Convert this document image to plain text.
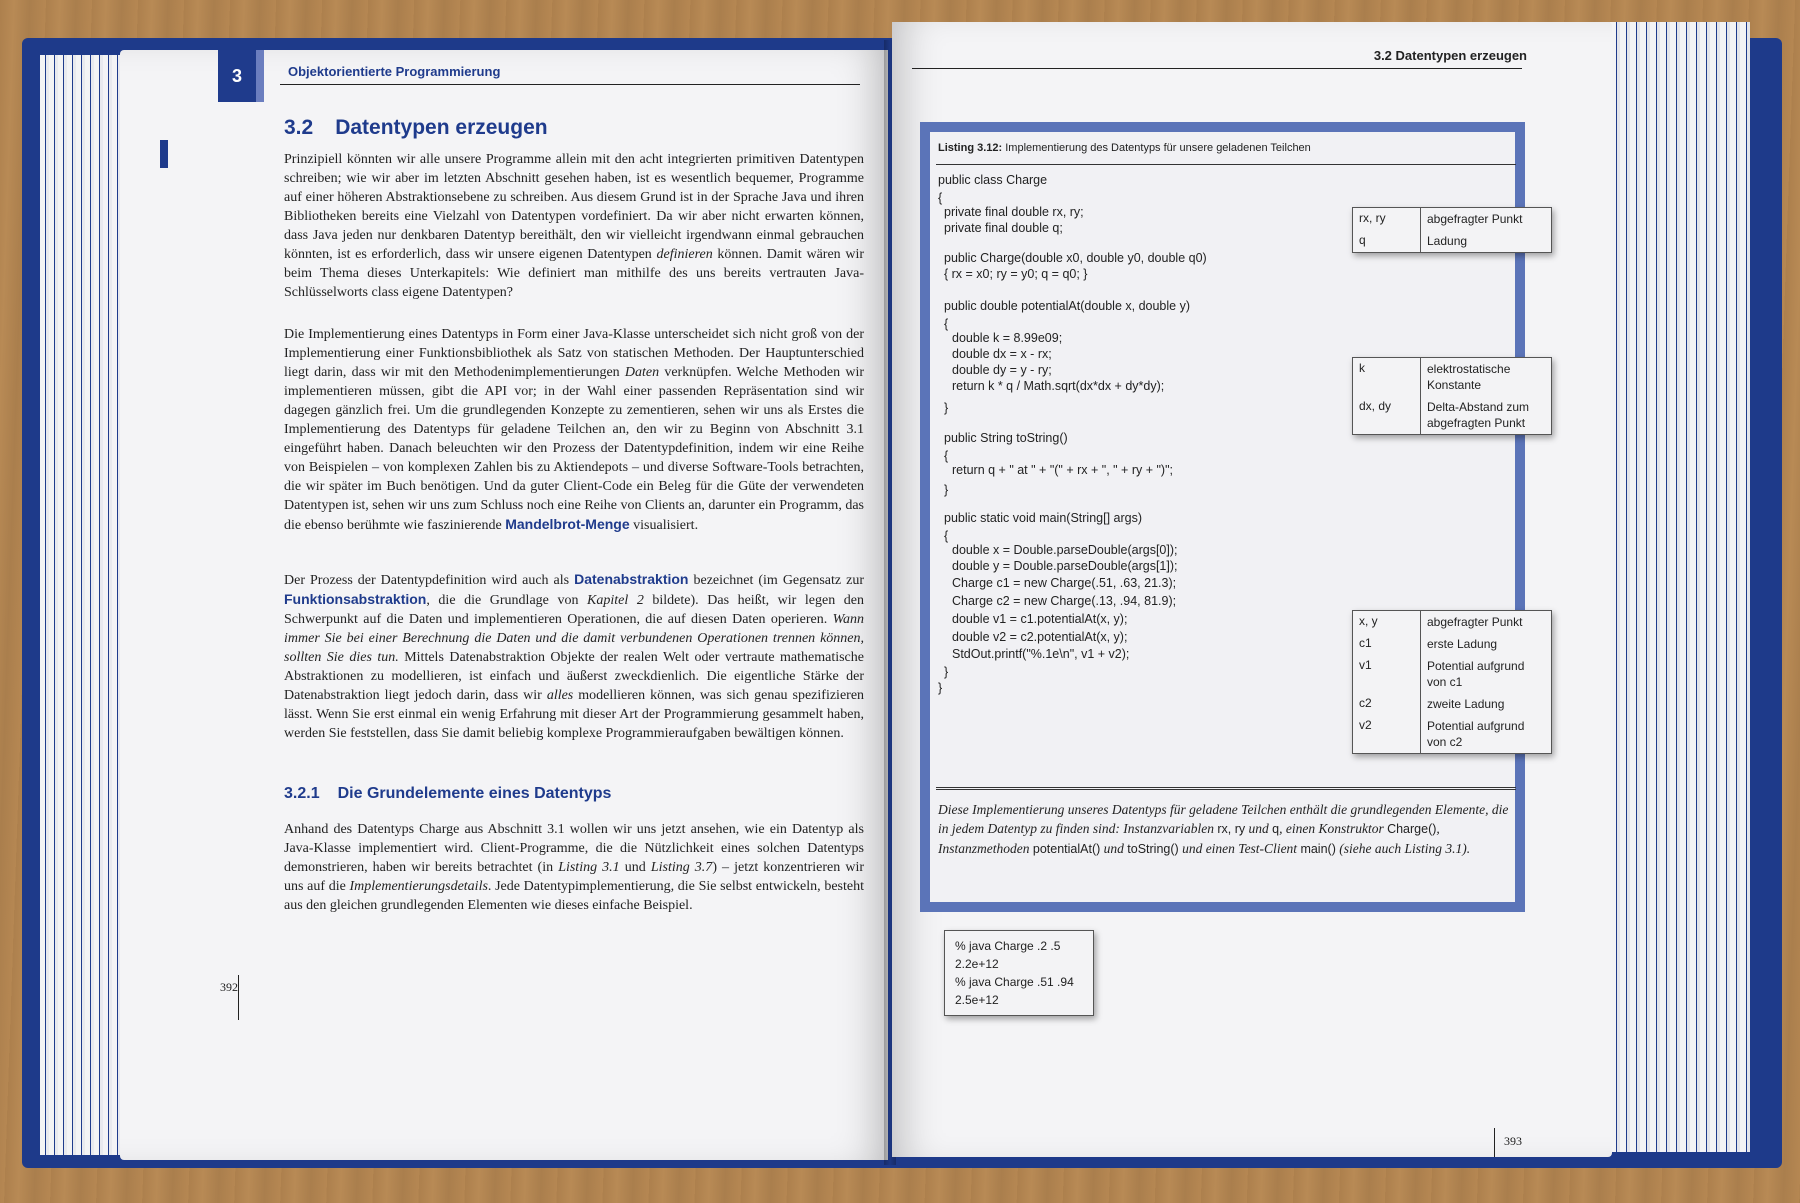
3	Objektorientierte Programmierung
3.2 Datentypen erzeugen

Prinzipiell könnten wir alle unsere Programme allein mit den acht integrierten primitiven Datentypen schreiben; wie wir aber im letzten Abschnitt gesehen haben, ist es wesentlich bequemer, Programme auf einer höheren Abstraktionsebene zu schreiben. Aus diesem Grund ist in der Sprache Java und ihren Bibliotheken bereits eine Vielzahl von Datentypen vordefiniert. Da wir aber nicht erwarten können, dass Java jeden nur denkbaren Datentyp bereithält, den wir vielleicht irgendwann einmal gebrauchen könnten, ist es erforderlich, dass wir unsere eigenen Datentypen definieren können. Damit wären wir beim Thema dieses Unterkapitels: Wie definiert man mithilfe des uns bereits vertrauten Java-Schlüsselworts class eigene Datentypen?

Die Implementierung eines Datentyps in Form einer Java-Klasse unterscheidet sich nicht groß von der Implementierung einer Funktionsbibliothek als Satz von statischen Methoden. Der Hauptunterschied liegt darin, dass wir mit den Methodenimplementierungen Daten verknüpfen. Welche Methoden wir implementieren müssen, gibt die API vor; in der Wahl einer passenden Repräsentation sind wir dagegen gänzlich frei. Um die grundlegenden Konzepte zu zementieren, sehen wir uns als Erstes die Implementierung des Datentyps für geladene Teilchen an, den wir zu Beginn von Abschnitt 3.1 eingeführt haben. Danach beleuchten wir den Prozess der Datentypdefinition, indem wir eine Reihe von Beispielen – von komplexen Zahlen bis zu Aktiendepots – und diverse Software-Tools betrachten, die wir später im Buch benötigen. Und da guter Client-Code ein Beleg für die Güte der verwendeten Datentypen ist, sehen wir uns zum Schluss noch eine Reihe von Clients an, darunter ein Programm, das die ebenso berühmte wie faszinierende Mandelbrot-Menge visualisiert.

Der Prozess der Datentypdefinition wird auch als Datenabstraktion bezeichnet (im Gegensatz zur Funktionsabstraktion, die die Grundlage von Kapitel 2 bildete). Das heißt, wir legen den Schwerpunkt auf die Daten und implementieren Operationen, die auf diesen Daten operieren. Wann immer Sie bei einer Berechnung die Daten und die damit verbundenen Operationen trennen können, sollten Sie dies tun. Mittels Datenabstraktion Objekte der realen Welt oder vertraute mathematische Abstraktionen zu modellieren, ist einfach und äußerst zweckdienlich. Die eigentliche Stärke der Datenabstraktion liegt jedoch darin, dass wir alles modellieren können, was sich genau spezifizieren lässt. Wenn Sie erst einmal ein wenig Erfahrung mit dieser Art der Programmierung gesammelt haben, werden Sie feststellen, dass Sie damit beliebig komplexe Programmieraufgaben bewältigen können.

3.2.1 Die Grundelemente eines Datentyps

Anhand des Datentyps Charge aus Abschnitt 3.1 wollen wir uns jetzt ansehen, wie ein Datentyp als Java-Klasse implementiert wird. Client-Programme, die die Nützlichkeit eines solchen Datentyps demonstrieren, haben wir bereits betrachtet (in Listing 3.1 und Listing 3.7) – jetzt konzentrieren wir uns auf die Implementierungsdetails. Jede Datentypimplementierung, die Sie selbst entwickeln, besteht aus den gleichen grundlegenden Elementen wie dieses einfache Beispiel.

392
3.2 Datentypen erzeugen
Listing 3.12: Implementierung des Datentyps für unsere geladenen Teilchen
public class Charge
{
private final double rx, ry;
private final double q;
public Charge(double x0, double y0, double q0)
{ rx = x0; ry = y0; q = q0; }
public double potentialAt(double x, double y)
{
double k = 8.99e09;
double dx = x - rx;
double dy = y - ry;
return k * q / Math.sqrt(dx*dx + dy*dy);
}
public String toString()
{
return q + " at " + "(" + rx + ", " + ry + ")";
}
public static void main(String[] args)
{
double x = Double.parseDouble(args[0]);
double y = Double.parseDouble(args[1]);
Charge c1 = new Charge(.51, .63, 21.3);
Charge c2 = new Charge(.13, .94, 81.9);
double v1 = c1.potentialAt(x, y);
double v2 = c2.potentialAt(x, y);
StdOut.printf("%.1e\n", v1 + v2);
}
}

Diese Implementierung unseres Datentyps für geladene Teilchen enthält die grundlegenden Elemente, die in jedem Datentyp zu finden sind: Instanzvariablen rx, ry und q, einen Konstruktor Charge(), Instanzmethoden potentialAt() und toString() und einen Test-Client main() (siehe auch Listing 3.1).

rx, ry	abgefragter Punkt
q	Ladung
k	elektrostatische Konstante
dx, dy	Delta-Abstand zum abgefragten Punkt
x, y	abgefragter Punkt
c1	erste Ladung
v1	Potential aufgrund von c1
c2	zweite Ladung
v2	Potential aufgrund von c2
% java Charge .2 .5
2.2e+12
% java Charge .51 .94
2.5e+12
393
